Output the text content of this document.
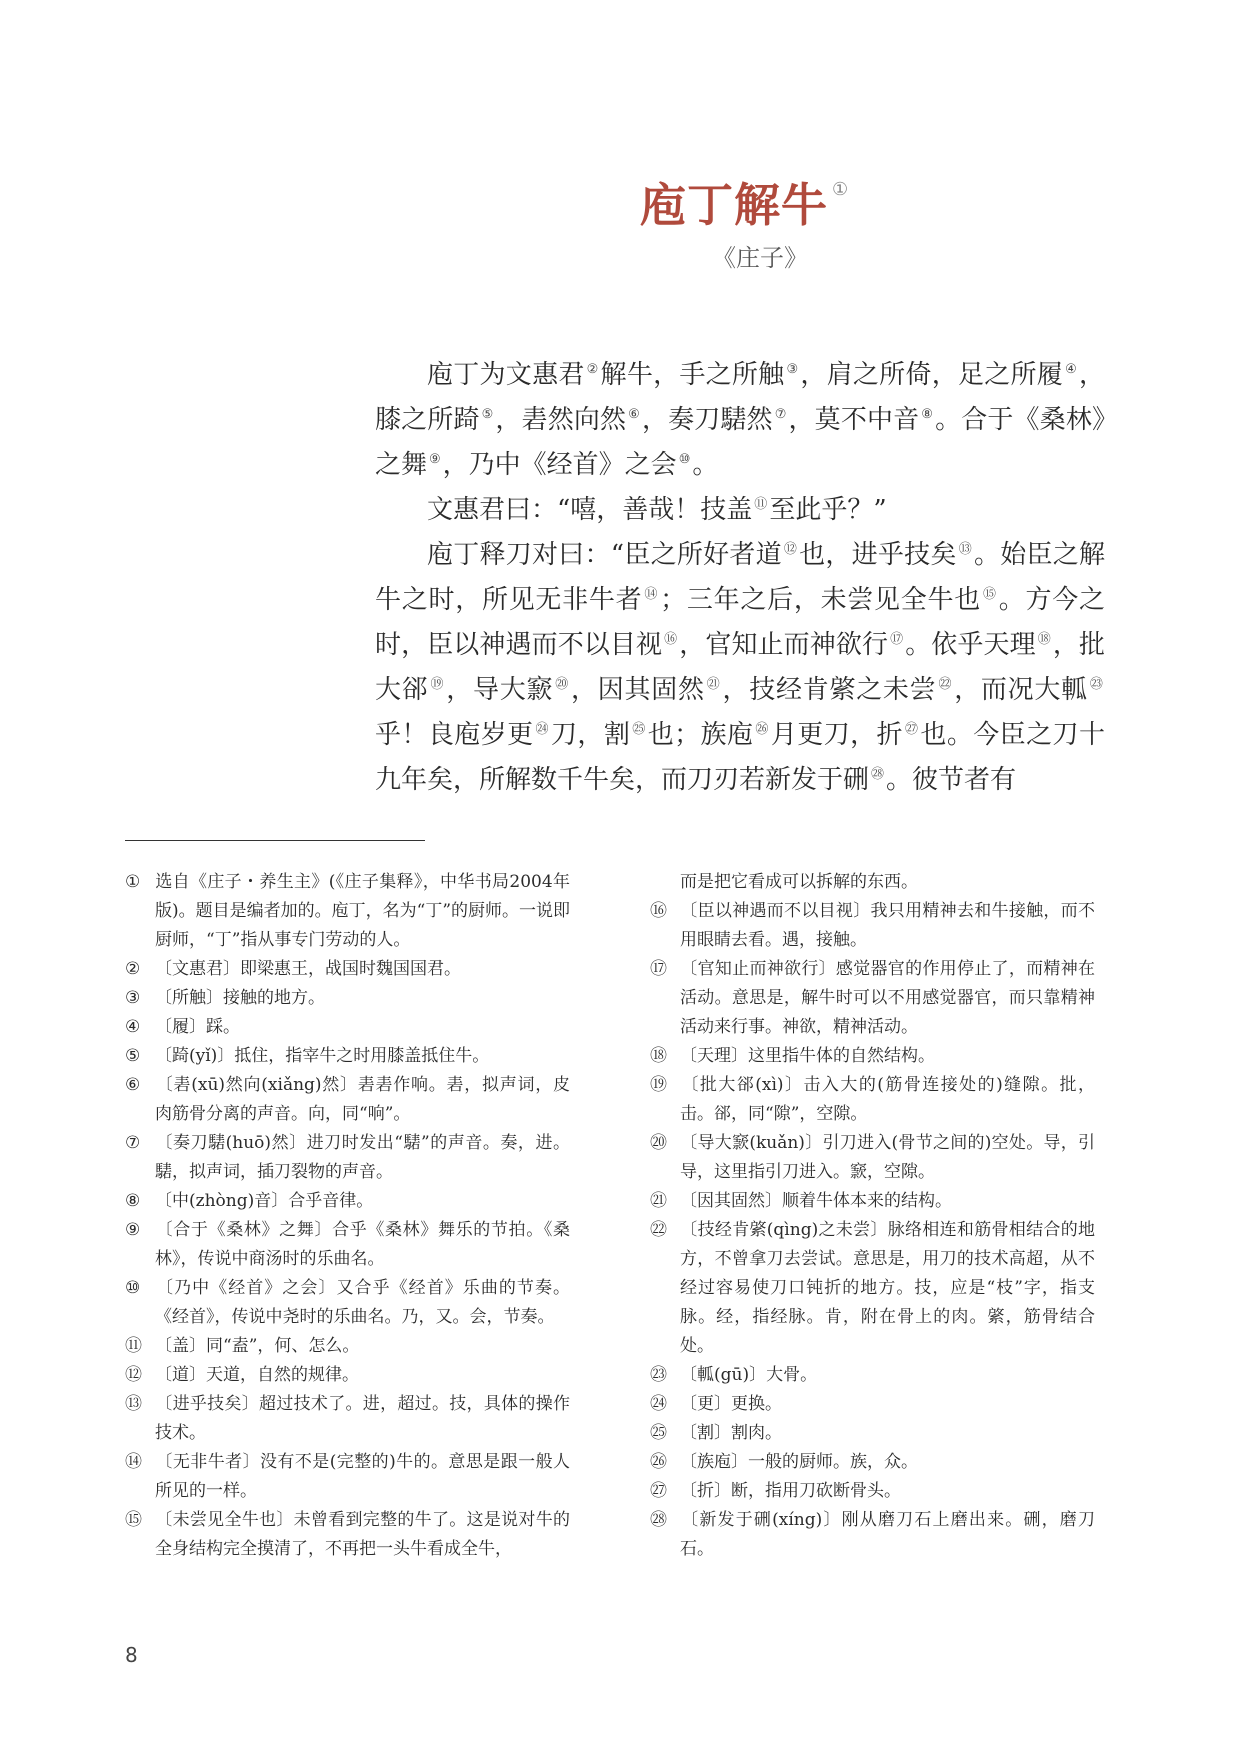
庖丁解牛 ①
《庄子》

庖丁为文惠君 ②解牛，手之所触 ③，肩之所倚，足之所履 ④，膝之所踦 ⑤，砉然向然 ⑥，奏刀騞然 ⑦，莫不中音 ⑧。合于《桑林》之舞 ⑨，乃中《经首》之会 ⑩。

文惠君曰：“嘻，善哉！技盖 ⑪至此乎？”

庖丁释刀对曰：“臣之所好者道 ⑫也，进乎技矣 ⑬。始臣之解牛之时，所见无非牛者 ⑭；三年之后，未尝见全牛也 ⑮。方今之时，臣以神遇而不以目视 ⑯，官知止而神欲行 ⑰。依乎天理 ⑱，批大郤 ⑲，导大窾 ⑳，因其固然 $^㉑$，技经肯綮之未尝 $^㉒$，而况大軱 $^㉓$乎！良庖岁更 $^㉔$刀，割 $^㉕$也；族庖 $^㉖$月更刀，折 $^㉗$也。今臣之刀十九年矣，所解数千牛矣，而刀刃若新发于硎 $^㉘$。彼节者有

① 选自《庄子・养生主》(《庄子集释》，中华书局2004年版)。题目是编者加的。庖丁，名为“丁”的厨师。一说即厨师，“丁”指从事专门劳动的人。

② 〔文惠君〕即梁惠王，战国时魏国国君。

③ 〔所触〕接触的地方。

④ 〔履〕踩。

⑤ 〔踦(yǐ)〕抵住，指宰牛之时用膝盖抵住牛。

⑥ 〔砉(xū)然向(xiǎng)然〕砉砉作响。砉，拟声词，皮肉筋骨分离的声音。向，同“响”。

⑦ 〔奏刀騞(huō)然〕进刀时发出“騞”的声音。奏，进。騞，拟声词，插刀裂物的声音。

⑧ 〔中(zhòng)音〕合乎音律。

⑨ 〔合于《桑林》之舞〕合乎《桑林》舞乐的节拍。《桑林》，传说中商汤时的乐曲名。

⑩ 〔乃中《经首》之会〕又合乎《经首》乐曲的节奏。《经首》，传说中尧时的乐曲名。乃，又。会，节奏。

⑪ 〔盖〕同“盍”，何、怎么。

⑫ 〔道〕天道，自然的规律。

⑬ 〔进乎技矣〕超过技术了。进，超过。技，具体的操作技术。

⑭ 〔无非牛者〕没有不是(完整的)牛的。意思是跟一般人所见的一样。

⑮ 〔未尝见全牛也〕未曾看到完整的牛了。这是说对牛的全身结构完全摸清了，不再把一头牛看成全牛，

而是把它看成可以拆解的东西。

⑯ 〔臣以神遇而不以目视〕我只用精神去和牛接触，而不用眼睛去看。遇，接触。

⑰ 〔官知止而神欲行〕感觉器官的作用停止了，而精神在活动。意思是，解牛时可以不用感觉器官，而只靠精神活动来行事。神欲，精神活动。

⑱ 〔天理〕这里指牛体的自然结构。

⑲ 〔批大郤(xì)〕击入大的(筋骨连接处的)缝隙。批，击。郤，同“隙”，空隙。

⑳ 〔导大窾(kuǎn)〕引刀进入(骨节之间的)空处。导，引导，这里指引刀进入。窾，空隙。

㉑ 〔因其固然〕顺着牛体本来的结构。

㉒ 〔技经肯綮(qìng)之未尝〕脉络相连和筋骨相结合的地方，不曾拿刀去尝试。意思是，用刀的技术高超，从不经过容易使刀口钝折的地方。技，应是“枝”字，指支脉。经，指经脉。肯，附在骨上的肉。綮，筋骨结合处。

㉓ 〔軱(gū)〕大骨。

㉔ 〔更〕更换。

㉕ 〔割〕割肉。

㉖ 〔族庖〕一般的厨师。族，众。

㉗ 〔折〕断，指用刀砍断骨头。

㉘ 〔新发于硎(xíng)〕刚从磨刀石上磨出来。硎，磨刀石。

8
